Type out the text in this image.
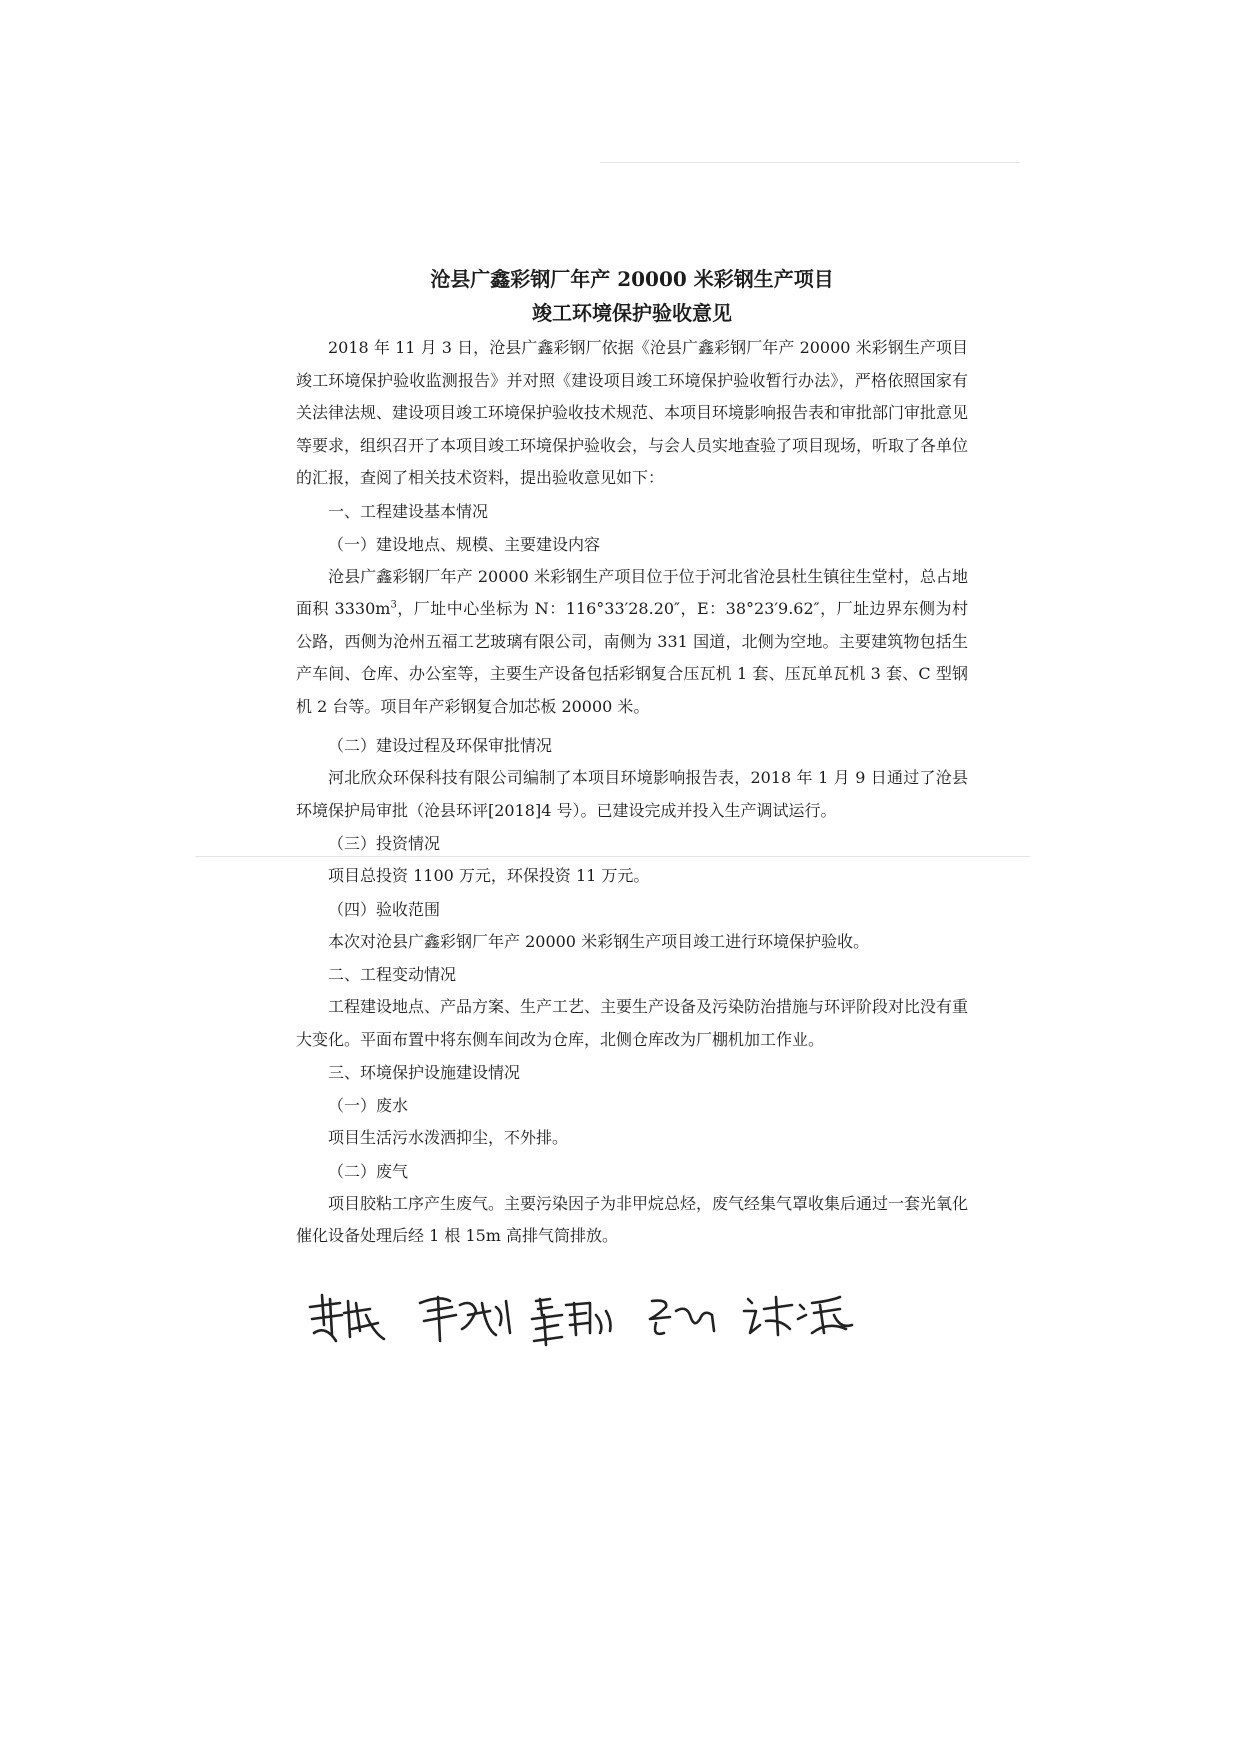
沧县广鑫彩钢厂年产 20000 米彩钢生产项目

竣工环境保护验收意见

2018 年 11 月 3 日，沧县广鑫彩钢厂依据《沧县广鑫彩钢厂年产 20000 米彩钢生产项目竣工环境保护验收监测报告》并对照《建设项目竣工环境保护验收暂行办法》，严格依照国家有关法律法规、建设项目竣工环境保护验收技术规范、本项目环境影响报告表和审批部门审批意见等要求，组织召开了本项目竣工环境保护验收会，与会人员实地查验了项目现场，听取了各单位的汇报，查阅了相关技术资料，提出验收意见如下：

一、工程建设基本情况

（一）建设地点、规模、主要建设内容

沧县广鑫彩钢厂年产 20000 米彩钢生产项目位于位于河北省沧县杜生镇往生堂村，总占地面积 $3330m^3$，厂址中心坐标为 N：116°33′28.20″，E：38°23′9.62″，厂址边界东侧为村公路，西侧为沧州五福工艺玻璃有限公司，南侧为 331 国道，北侧为空地。主要建筑物包括生产车间、仓库、办公室等，主要生产设备包括彩钢复合压瓦机 1 套、压瓦单瓦机 3 套、C 型钢机 2 台等。项目年产彩钢复合加芯板 20000 米。

（二）建设过程及环保审批情况

河北欣众环保科技有限公司编制了本项目环境影响报告表，2018 年 1 月 9 日通过了沧县环境保护局审批（沧县环评[2018]4 号）。已建设完成并投入生产调试运行。

（三）投资情况

项目总投资 1100 万元，环保投资 11 万元。

（四）验收范围

本次对沧县广鑫彩钢厂年产 20000 米彩钢生产项目竣工进行环境保护验收。

二、工程变动情况

工程建设地点、产品方案、生产工艺、主要生产设备及污染防治措施与环评阶段对比没有重大变化。平面布置中将东侧车间改为仓库，北侧仓库改为厂棚机加工作业。

三、环境保护设施建设情况

（一）废水

项目生活污水泼洒抑尘，不外排。

（二）废气

项目胶粘工序产生废气。主要污染因子为非甲烷总烃，废气经集气罩收集后通过一套光氧化催化设备处理后经 1 根 15m 高排气筒排放。
